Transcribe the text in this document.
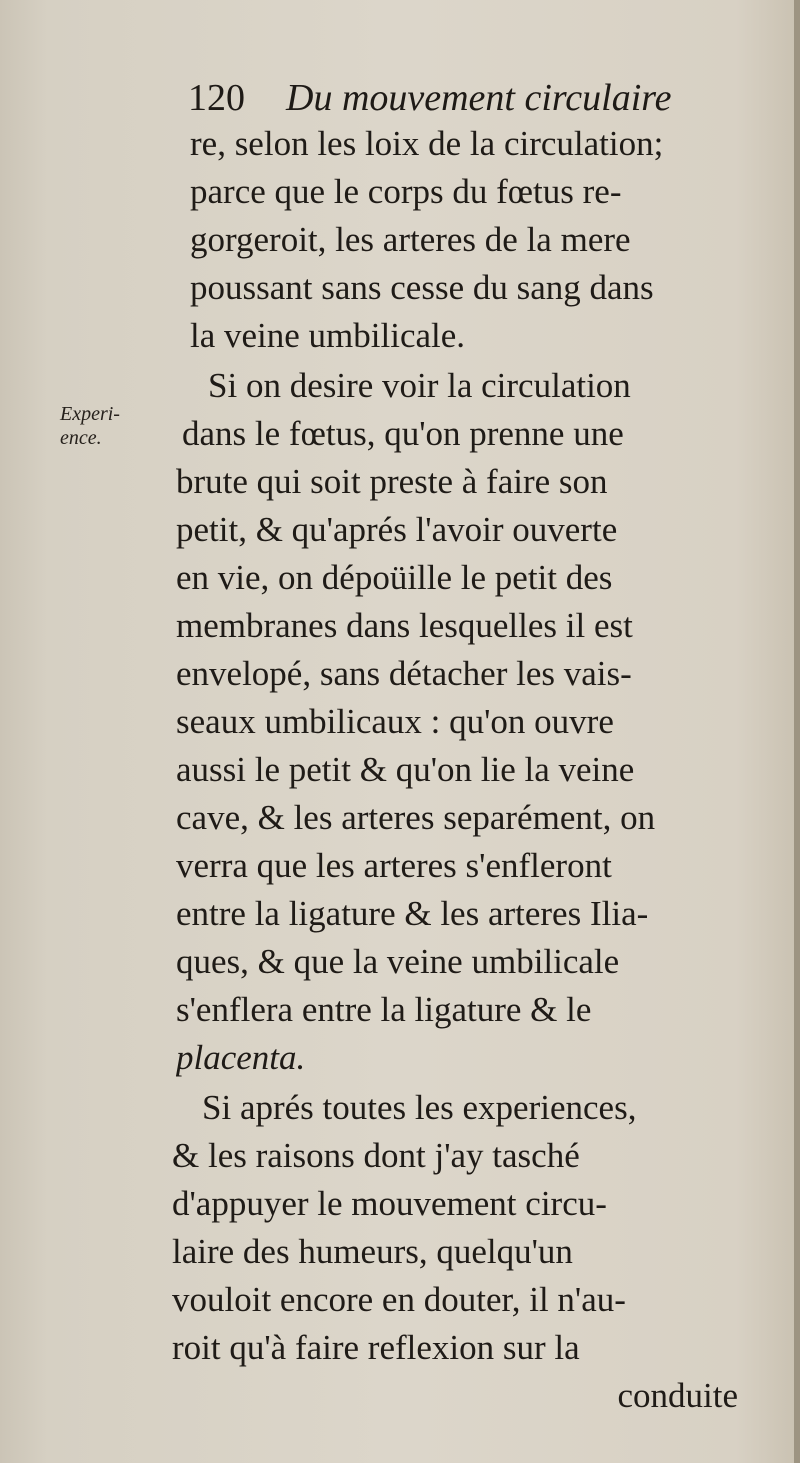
120 Du mouvement circulaire
Experi-
ence.
re, selon les loix de la circulation;
parce que le corps du fœtus re-
gorgeroit, les arteres de la mere
poussant sans cesse du sang dans
la veine umbilicale.
Si on desire voir la circulation
dans le fœtus, qu'on prenne une
brute qui soit preste à faire son
petit, & qu'aprés l'avoir ouverte
en vie, on dépoüille le petit des
membranes dans lesquelles il est
envelopé, sans détacher les vais-
seaux umbilicaux : qu'on ouvre
aussi le petit & qu'on lie la veine
cave, & les arteres separément, on
verra que les arteres s'enfleront
entre la ligature & les arteres Ilia-
ques, & que la veine umbilicale
s'enflera entre la ligature & le
placenta.
Si aprés toutes les experiences,
& les raisons dont j'ay tasché
d'appuyer le mouvement circu-
laire des humeurs, quelqu'un
vouloit encore en douter, il n'au-
roit qu'à faire reflexion sur la
conduite
